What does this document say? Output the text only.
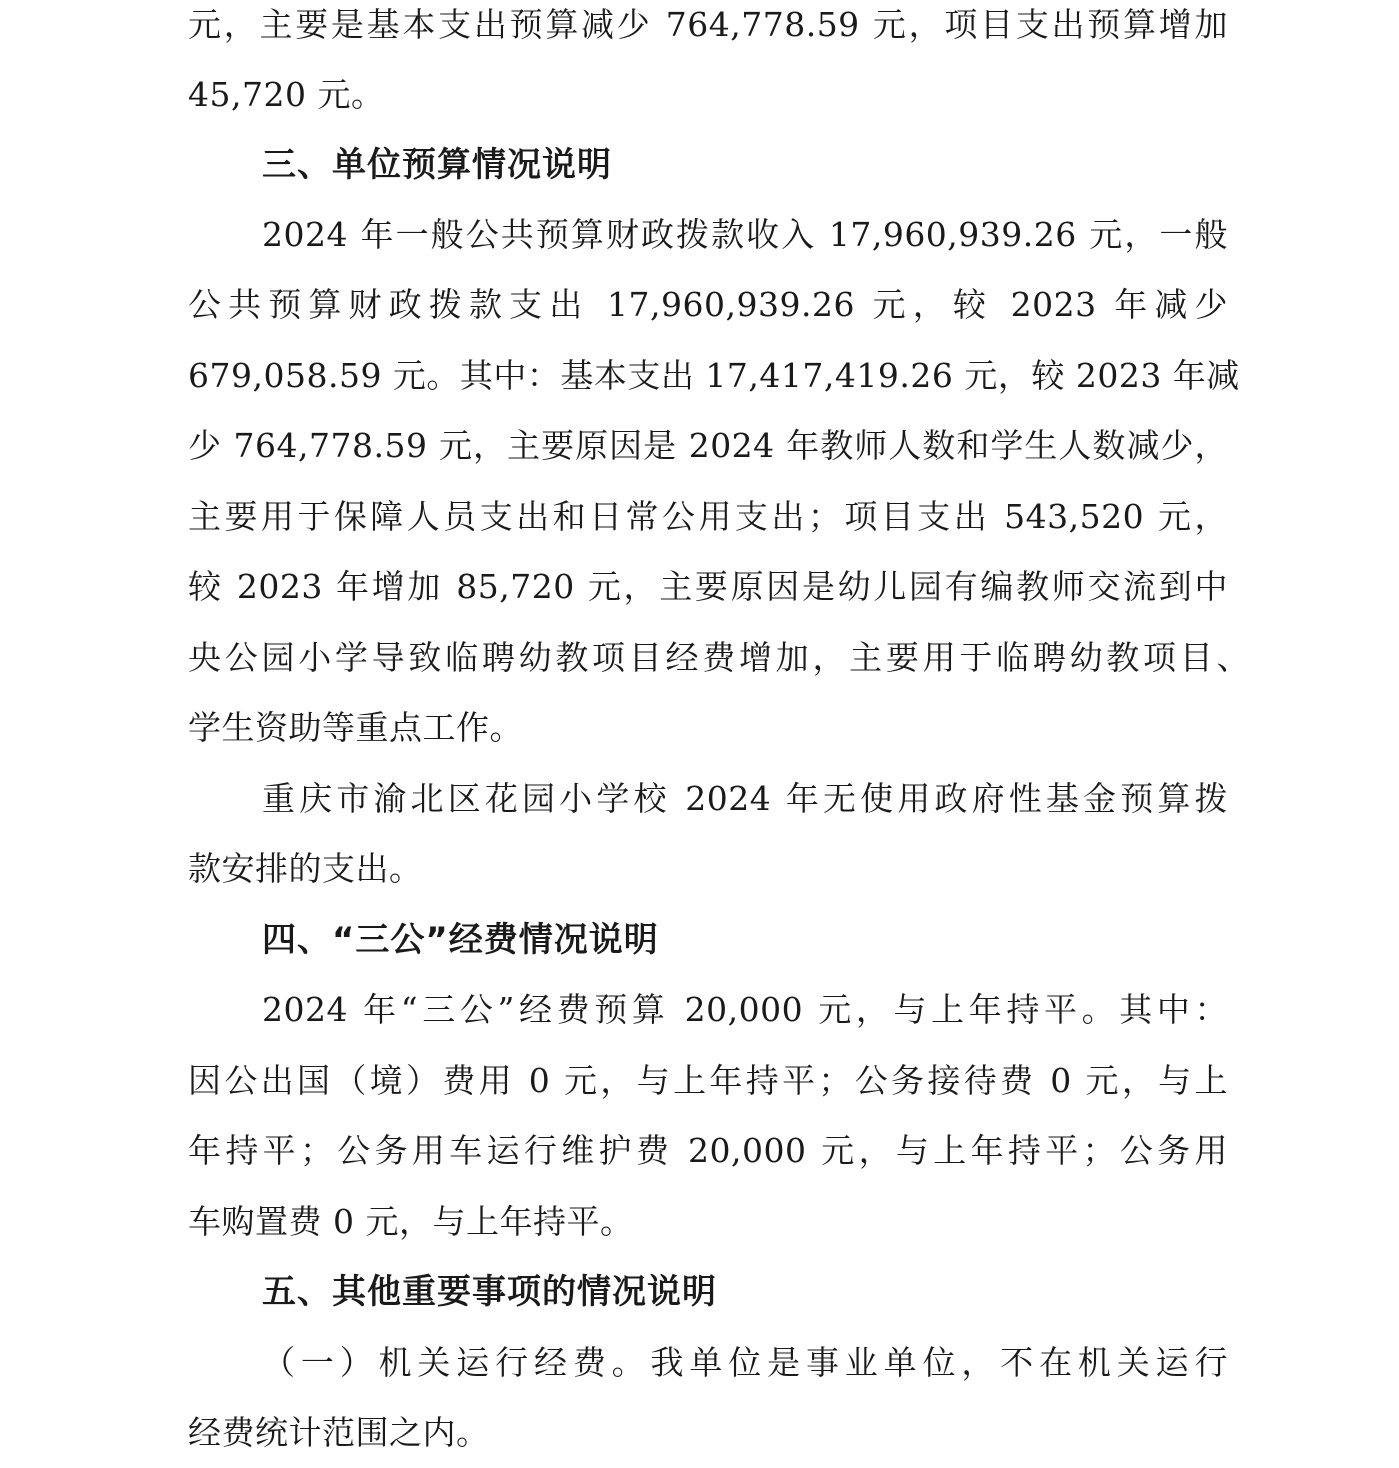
元，主要是基本支出预算减少 764,778.59 元，项目支出预算增加
45,720 元。
三、单位预算情况说明
2024 年一般公共预算财政拨款收入 17,960,939.26 元，一般
公共预算财政拨款支出 17,960,939.26 元，较 2023 年减少
679,058.59 元。其中：基本支出 17,417,419.26 元，较 2023 年减
少 764,778.59 元，主要原因是 2024 年教师人数和学生人数减少，
主要用于保障人员支出和日常公用支出；项目支出 543,520 元，
较 2023 年增加 85,720 元，主要原因是幼儿园有编教师交流到中
央公园小学导致临聘幼教项目经费增加，主要用于临聘幼教项目、
学生资助等重点工作。
重庆市渝北区花园小学校 2024 年无使用政府性基金预算拨
款安排的支出。
四、“三公”经费情况说明
2024 年“三公”经费预算 20,000 元，与上年持平。其中：
因公出国（境）费用 0 元，与上年持平；公务接待费 0 元，与上
年持平；公务用车运行维护费 20,000 元，与上年持平；公务用
车购置费 0 元，与上年持平。
五、其他重要事项的情况说明
（一）机关运行经费。我单位是事业单位，不在机关运行
经费统计范围之内。
